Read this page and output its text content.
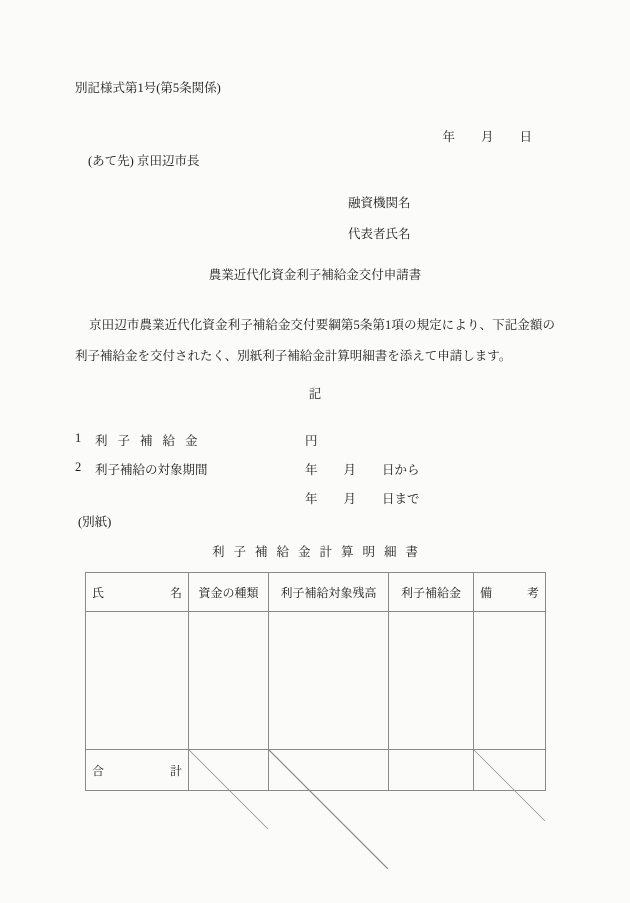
別記様式第1号(第5条関係)

年 月 日

(あて先) 京田辺市長
融資機関名
代表者氏名
農業近代化資金利子補給金交付申請書
京田辺市農業近代化資金利子補給金交付要綱第5条第1項の規定により、下記金額の利子補給金を交付されたく、別紙利子補給金計算明細書を添えて申請します。
記
1 利子補給金	円
2 利子補給の対象期間	年 月 日から
年 月 日まで
(別紙)
利子補給金計算明細書
氏 名	資金の種類	利子補給対象残高	利子補給金	備 考

合 計
